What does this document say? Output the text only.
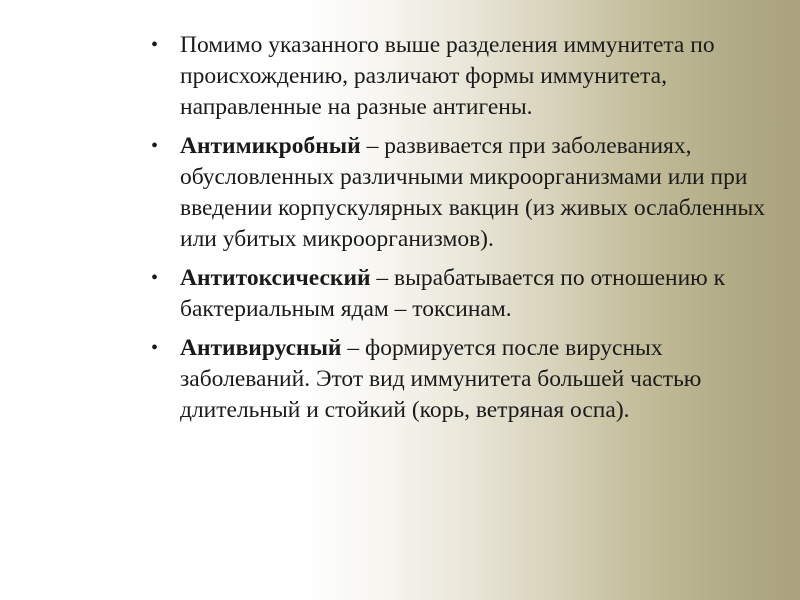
• Помимо указанного выше разделения иммунитета по происхождению, различают формы иммунитета, направленные на разные антигены.
• Антимикробный – развивается при заболеваниях, обусловленных различными микроорганизмами или при введении корпускулярных вакцин (из живых ослабленных или убитых микроорганизмов).
• Антитоксический – вырабатывается по отношению к бактериальным ядам – токсинам.
• Антивирусный – формируется после вирусных заболеваний. Этот вид иммунитета большей частью длительный и стойкий (корь, ветряная оспа).
